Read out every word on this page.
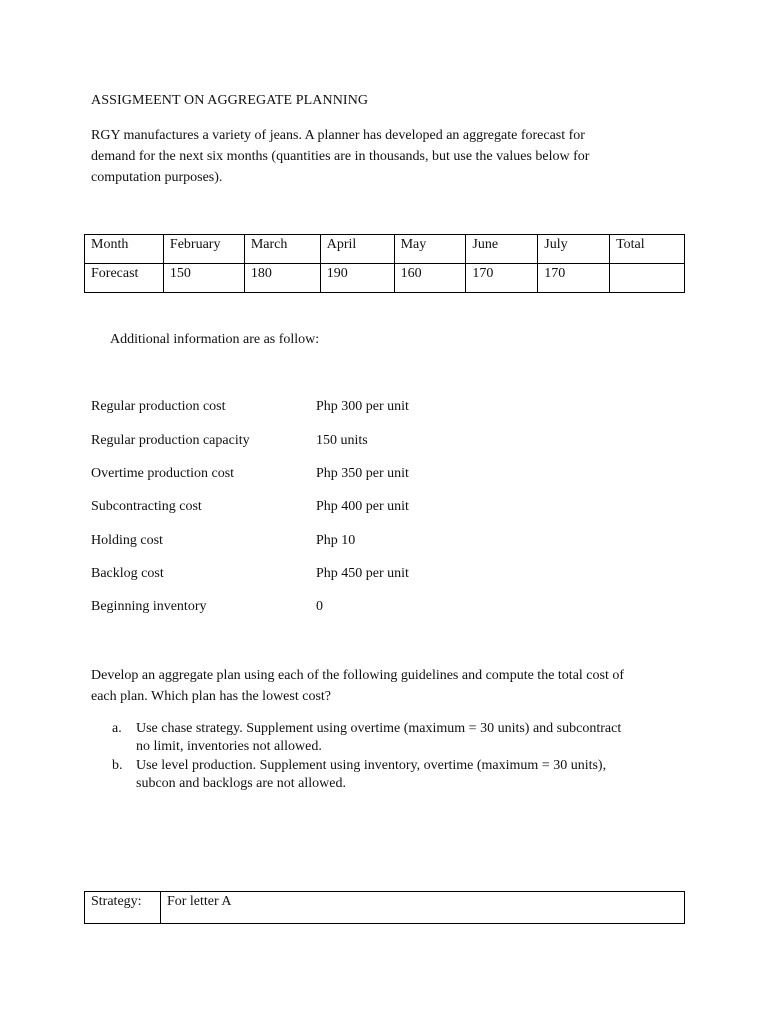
ASSIGMEENT ON AGGREGATE PLANNING
RGY manufactures a variety of jeans. A planner has developed an aggregate forecast for
demand for the next six months (quantities are in thousands, but use the values below for
computation purposes).
Month	February	March	April	May	June	July	Total
Forecast	150	180	190	160	170	170	
Additional information are as follow:
Regular production cost	Php 300 per unit
Regular production capacity	150 units
Overtime production cost	Php 350 per unit
Subcontracting cost	Php 400 per unit
Holding cost	Php 10
Backlog cost	Php 450 per unit
Beginning inventory	0
Develop an aggregate plan using each of the following guidelines and compute the total cost of
each plan. Which plan has the lowest cost?
a. Use chase strategy. Supplement using overtime (maximum = 30 units) and subcontract
no limit, inventories not allowed.
b. Use level production. Supplement using inventory, overtime (maximum = 30 units),
subcon and backlogs are not allowed.
Strategy:	For letter A
